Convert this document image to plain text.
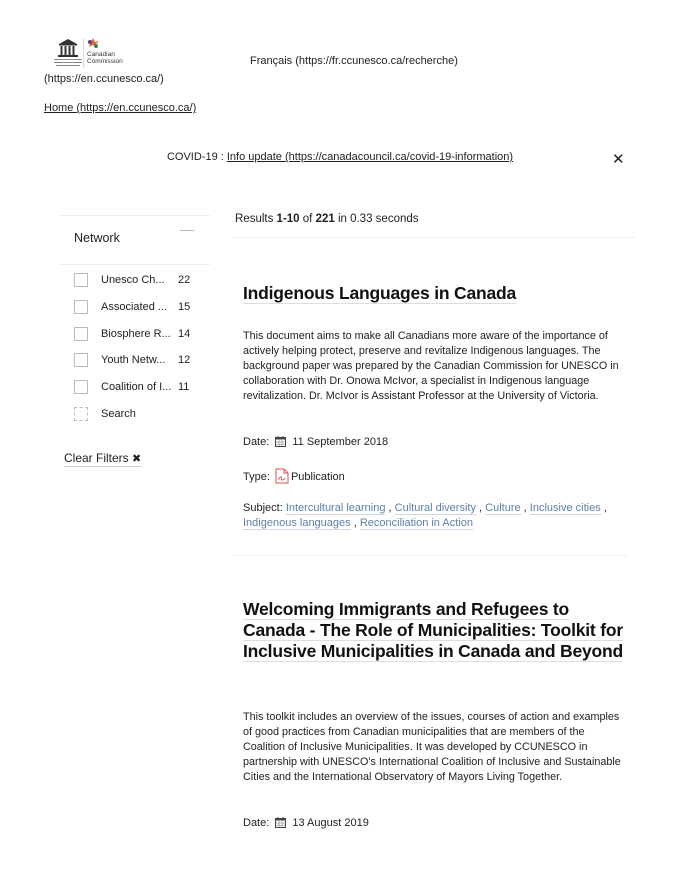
Canadian
Commission
(https://en.ccunesco.ca/)
Français (https://fr.ccunesco.ca/recherche)
Home (https://en.ccunesco.ca/)
COVID-19 : Info update (https://canadacouncil.ca/covid-19-information)	✕
Network
Unesco Ch...	22
Associated ... 15
Biosphere R... 14
Youth Netw...	12
Coalition of I... 11
Search
Clear Filters ✖
Results 1-10 of 221 in 0.33 seconds
Indigenous Languages in Canada
This document aims to make all Canadians more aware of the importance of actively helping protect, preserve and revitalize Indigenous languages. The background paper was prepared by the Canadian Commission for UNESCO in collaboration with Dr. Onowa McIvor, a specialist in Indigenous language revitalization. Dr. McIvor is Assistant Professor at the University of Victoria.
Date: 11 September 2018
Type: Publication
Subject: Intercultural learning , Cultural diversity , Culture , Inclusive cities , Indigenous languages , Reconciliation in Action
Welcoming Immigrants and Refugees to Canada - The Role of Municipalities: Toolkit for Inclusive Municipalities in Canada and Beyond
This toolkit includes an overview of the issues, courses of action and examples of good practices from Canadian municipalities that are members of the Coalition of Inclusive Municipalities. It was developed by CCUNESCO in partnership with UNESCO's International Coalition of Inclusive and Sustainable Cities and the International Observatory of Mayors Living Together.
Date: 13 August 2019
